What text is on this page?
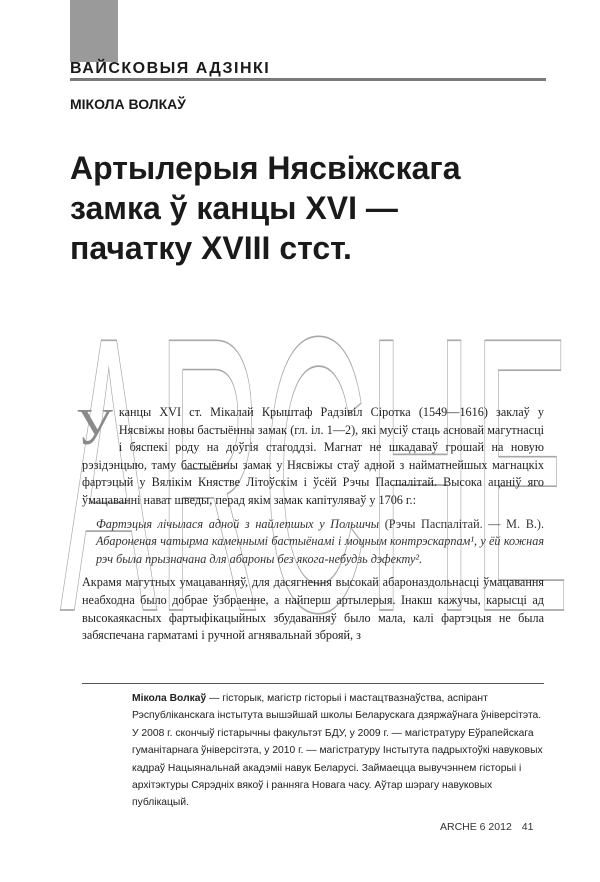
ВАЙСКОВЫЯ АДЗІНКІ
МІКОЛА ВОЛКАЎ
Артылерыя Нясвіжскага
замка ў канцы XVI —
пачатку XVIII стст.
ARCHE

Уканцы XVI ст. Мікалай Крыштаф Радзівіл Сіротка (1549—1616) заклаў у Нясвіжы новы бастыённы замак (гл. іл. 1—2), які мусіў стаць асновай магутнасці і бяспекі роду на доўгія стагоддзі. Магнат не шкадаваў грошай на новую рэзідэнцыю, таму бастыённы замак у Нясвіжы стаў адной з найматнейшых магнацкіх фартэцый у Вялікім Княстве Літоўскім і ўсёй Рэчы Паспалітай. Высока ацаніў яго ўмацаванні нават шведы, перад якім замак капітуляваў у 1706 г.:

Фартэцыя лічылася адной з найлепшых у Польшчы (Рэчы Паспалітай. — М. В.). Абароненая чатырма каменнымі бастыёнамі і моцным контрэскарпам¹, у ёй кожная рэч была прызначана для абароны без якога-небудзь дэфекту².

Акрамя магутных умацаванняў, для дасягнення высокай абароназдольнасці ўмацавання неабходна было добрае ўзбраенне, а найперш артылерыя. Інакш кажучы, карысці ад высокаякасных фартыфікацыйных збудаванняў было мала, калі фартэцыя не была забяспечана гарматамі і ручной агнявальнай зброяй, з

Мікола Волкаў — гісторык, магістр гісторыі і мастацтвазнаўства, аспірант Рэспубліканскага інстытута вышэйшай школы Беларускага дзяржаўнага ўніверсітэта. У 2008 г. скончыў гістарычны факультэт БДУ, у 2009 г. — магістратуру Еўрапейскага гуманітарнага ўніверсітэта, у 2010 г. — магістратуру Інстытута падрыхтоўкі навуковых кадраў Нацыянальнай акадэміі навук Беларусі. Займаецца вывучэннем гісторыі і архітэктуры Сярэдніх вякоў і ранняга Новага часу. Аўтар шэрагу навуковых публікацый.

ARCHE 6 2012 41
